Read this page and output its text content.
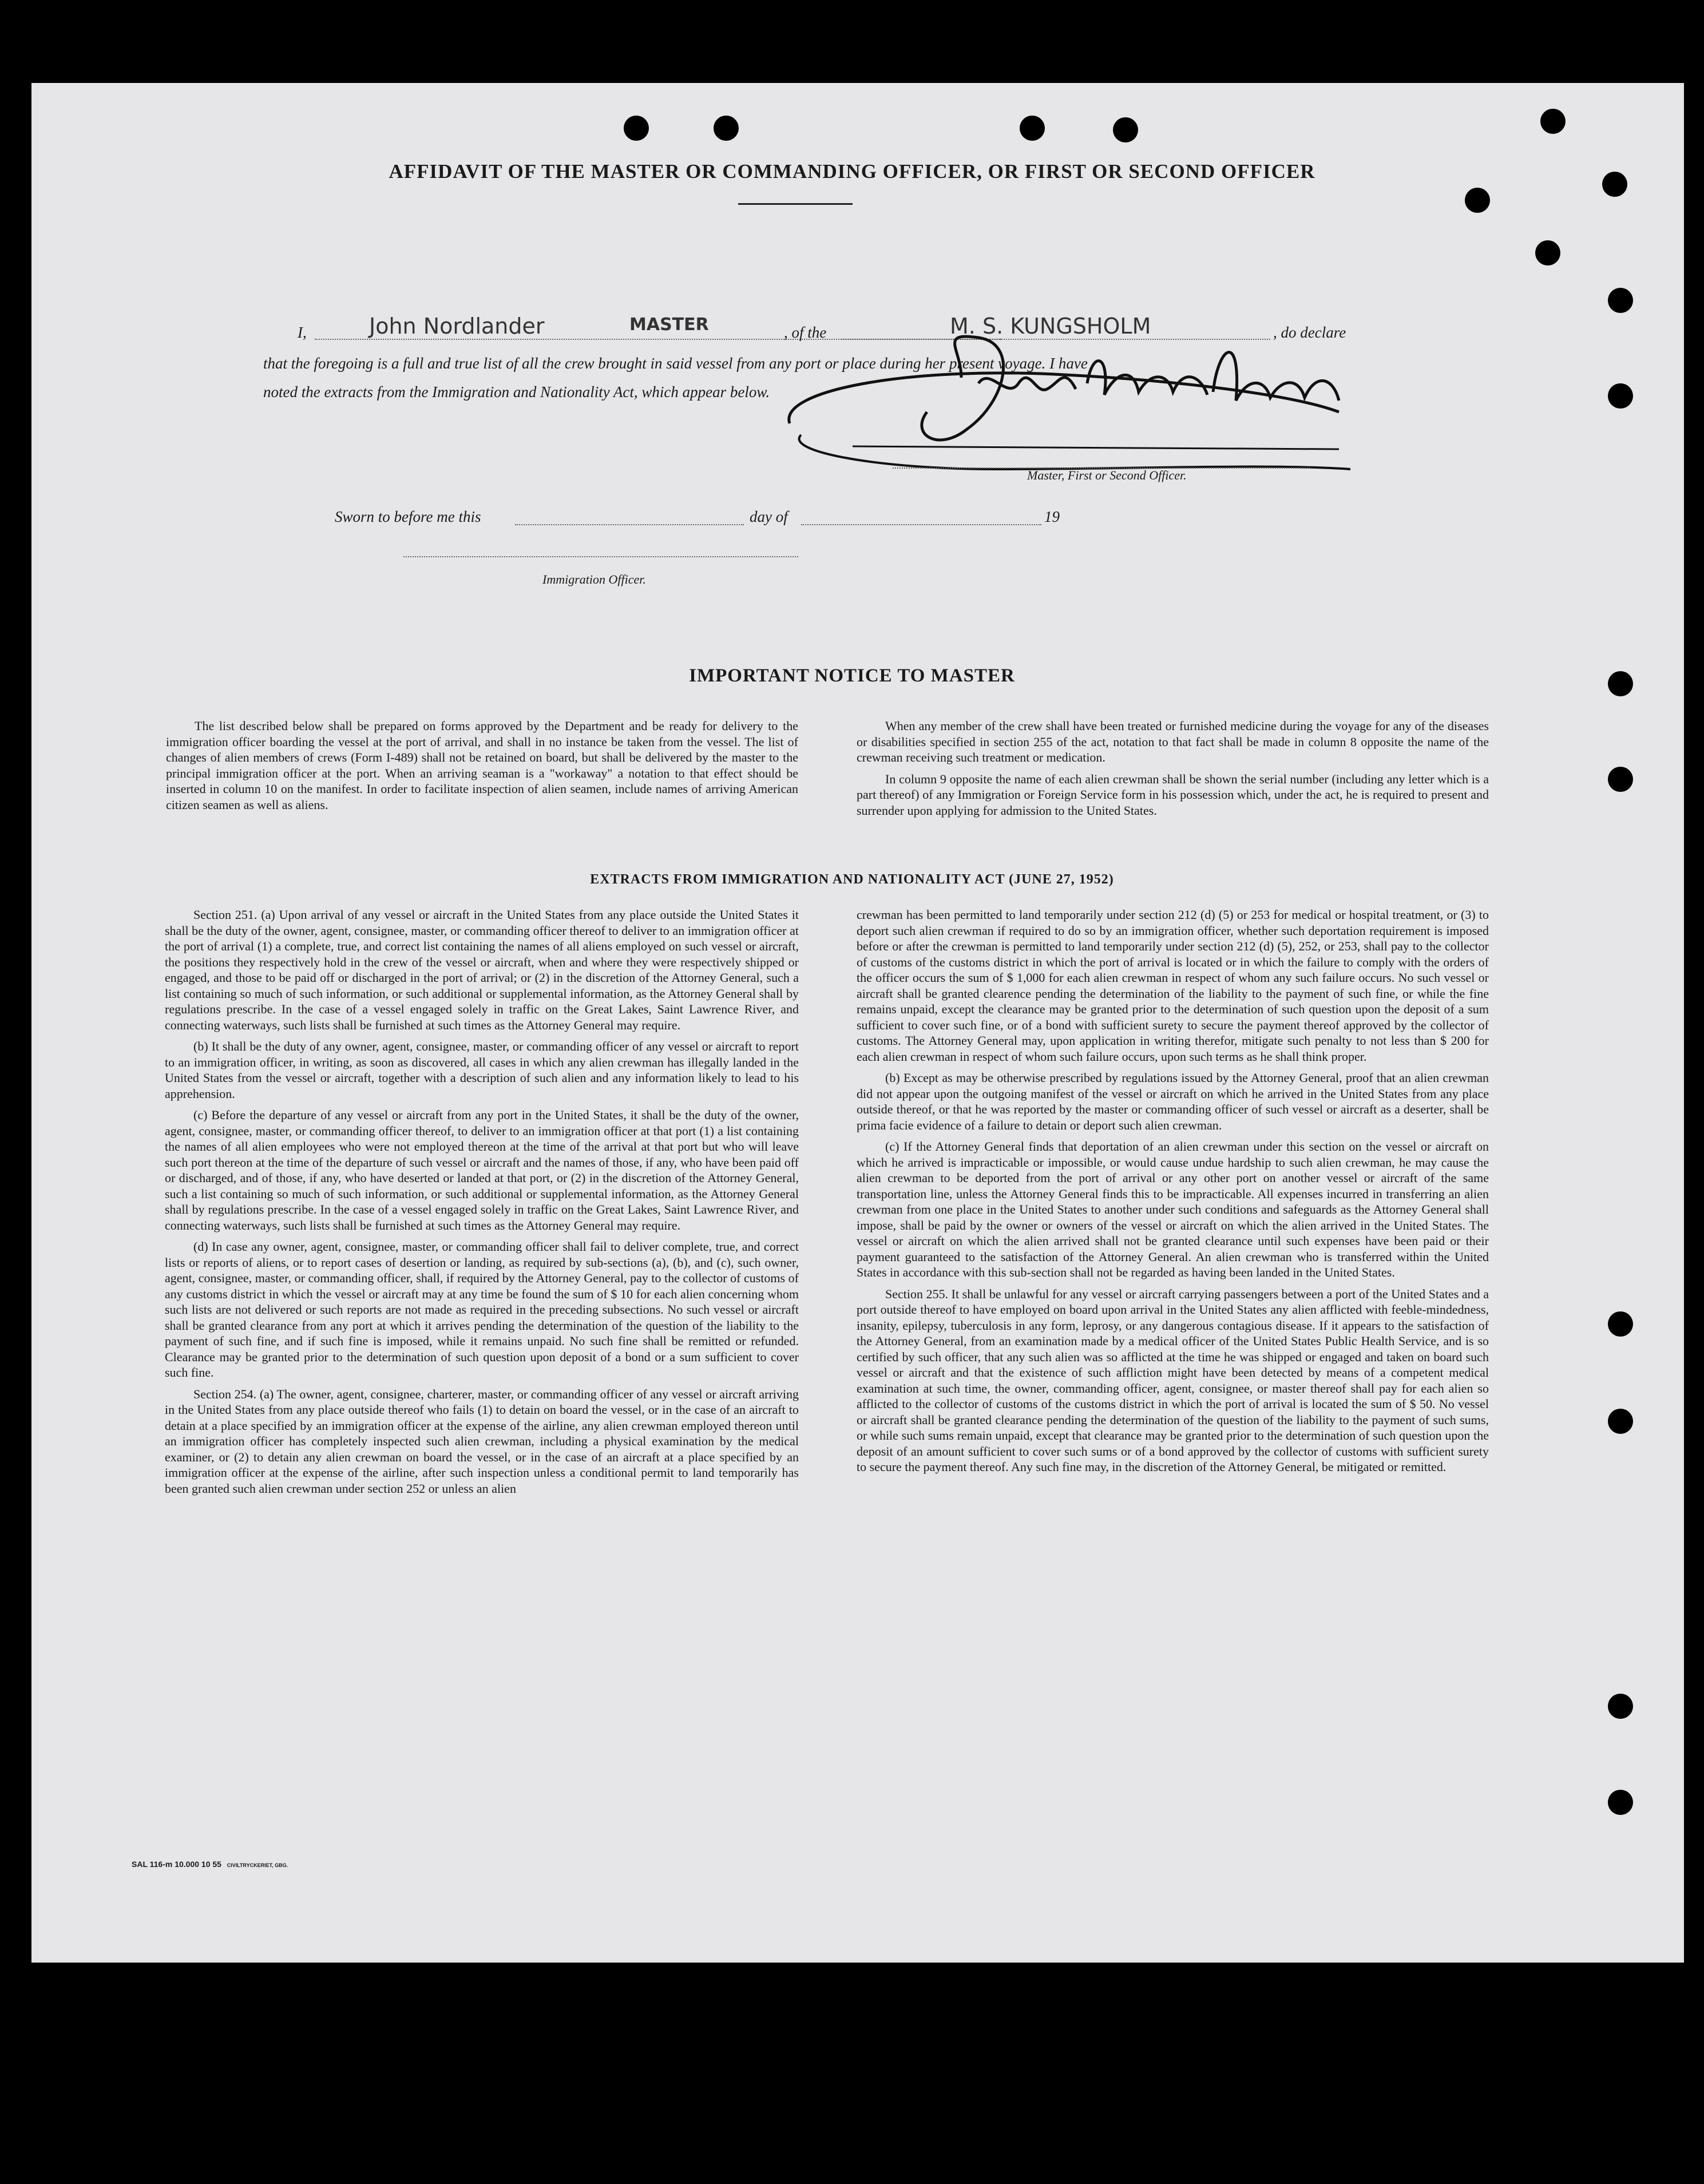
AFFIDAVIT OF THE MASTER OR COMMANDING OFFICER, OR FIRST OR SECOND OFFICER
I,	John Nordlander	MASTER	, of the	M. S. KUNGSHOLM	, do declare
that the foregoing is a full and true list of all the crew brought in said vessel from any port or place during her present voyage. I have
noted the extracts from the Immigration and Nationality Act, which appear below.
Master, First or Second Officer.
Sworn to before me this	day of	19
Immigration Officer.
IMPORTANT NOTICE TO MASTER

The list described below shall be prepared on forms approved by the Department and be ready for delivery to the immigration officer boarding the vessel at the port of arrival, and shall in no instance be taken from the vessel. The list of changes of alien members of crews (Form I-489) shall not be retained on board, but shall be delivered by the master to the principal immigration officer at the port. When an arriving seaman is a "workaway" a notation to that effect should be inserted in column 10 on the manifest. In order to facilitate inspection of alien seamen, include names of arriving American citizen seamen as well as aliens.

When any member of the crew shall have been treated or furnished medicine during the voyage for any of the diseases or disabilities specified in section 255 of the act, notation to that fact shall be made in column 8 opposite the name of the crewman receiving such treatment or medication.

In column 9 opposite the name of each alien crewman shall be shown the serial number (including any letter which is a part thereof) of any Immigration or Foreign Service form in his possession which, under the act, he is required to present and surrender upon applying for admission to the United States.

EXTRACTS FROM IMMIGRATION AND NATIONALITY ACT (JUNE 27, 1952)

Section 251. (a) Upon arrival of any vessel or aircraft in the United States from any place outside the United States it shall be the duty of the owner, agent, consignee, master, or commanding officer thereof to deliver to an immigration officer at the port of arrival (1) a complete, true, and correct list containing the names of all aliens employed on such vessel or aircraft, the positions they respectively hold in the crew of the vessel or aircraft, when and where they were respectively shipped or engaged, and those to be paid off or discharged in the port of arrival; or (2) in the discretion of the Attorney General, such a list containing so much of such information, or such additional or supplemental information, as the Attorney General shall by regulations prescribe. In the case of a vessel engaged solely in traffic on the Great Lakes, Saint Lawrence River, and connecting waterways, such lists shall be furnished at such times as the Attorney General may require.

(b) It shall be the duty of any owner, agent, consignee, master, or commanding officer of any vessel or aircraft to report to an immigration officer, in writing, as soon as discovered, all cases in which any alien crewman has illegally landed in the United States from the vessel or aircraft, together with a description of such alien and any information likely to lead to his apprehension.

(c) Before the departure of any vessel or aircraft from any port in the United States, it shall be the duty of the owner, agent, consignee, master, or commanding officer thereof, to deliver to an immigration officer at that port (1) a list containing the names of all alien employees who were not employed thereon at the time of the arrival at that port but who will leave such port thereon at the time of the departure of such vessel or aircraft and the names of those, if any, who have been paid off or discharged, and of those, if any, who have deserted or landed at that port, or (2) in the discretion of the Attorney General, such a list containing so much of such information, or such additional or supplemental information, as the Attorney General shall by regulations prescribe. In the case of a vessel engaged solely in traffic on the Great Lakes, Saint Lawrence River, and connecting waterways, such lists shall be furnished at such times as the Attorney General may require.

(d) In case any owner, agent, consignee, master, or commanding officer shall fail to deliver complete, true, and correct lists or reports of aliens, or to report cases of desertion or landing, as required by sub-sections (a), (b), and (c), such owner, agent, consignee, master, or commanding officer, shall, if required by the Attorney General, pay to the collector of customs of any customs district in which the vessel or aircraft may at any time be found the sum of $ 10 for each alien concerning whom such lists are not delivered or such reports are not made as required in the preceding subsections. No such vessel or aircraft shall be granted clearance from any port at which it arrives pending the determination of the question of the liability to the payment of such fine, and if such fine is imposed, while it remains unpaid. No such fine shall be remitted or refunded. Clearance may be granted prior to the determination of such question upon deposit of a bond or a sum sufficient to cover such fine.

Section 254. (a) The owner, agent, consignee, charterer, master, or commanding officer of any vessel or aircraft arriving in the United States from any place outside thereof who fails (1) to detain on board the vessel, or in the case of an aircraft to detain at a place specified by an immigration officer at the expense of the airline, any alien crewman employed thereon until an immigration officer has completely inspected such alien crewman, including a physical examination by the medical examiner, or (2) to detain any alien crewman on board the vessel, or in the case of an aircraft at a place specified by an immigration officer at the expense of the airline, after such inspection unless a conditional permit to land temporarily has been granted such alien crewman under section 252 or unless an alien

crewman has been permitted to land temporarily under section 212 (d) (5) or 253 for medical or hospital treatment, or (3) to deport such alien crewman if required to do so by an immigration officer, whether such deportation requirement is imposed before or after the crewman is permitted to land temporarily under section 212 (d) (5), 252, or 253, shall pay to the collector of customs of the customs district in which the port of arrival is located or in which the failure to comply with the orders of the officer occurs the sum of $ 1,000 for each alien crewman in respect of whom any such failure occurs. No such vessel or aircraft shall be granted clearence pending the determination of the liability to the payment of such fine, or while the fine remains unpaid, except the clearance may be granted prior to the determination of such question upon the deposit of a sum sufficient to cover such fine, or of a bond with sufficient surety to secure the payment thereof approved by the collector of customs. The Attorney General may, upon application in writing therefor, mitigate such penalty to not less than $ 200 for each alien crewman in respect of whom such failure occurs, upon such terms as he shall think proper.

(b) Except as may be otherwise prescribed by regulations issued by the Attorney General, proof that an alien crewman did not appear upon the outgoing manifest of the vessel or aircraft on which he arrived in the United States from any place outside thereof, or that he was reported by the master or commanding officer of such vessel or aircraft as a deserter, shall be prima facie evidence of a failure to detain or deport such alien crewman.

(c) If the Attorney General finds that deportation of an alien crewman under this section on the vessel or aircraft on which he arrived is impracticable or impossible, or would cause undue hardship to such alien crewman, he may cause the alien crewman to be deported from the port of arrival or any other port on another vessel or aircraft of the same transportation line, unless the Attorney General finds this to be impracticable. All expenses incurred in transferring an alien crewman from one place in the United States to another under such conditions and safeguards as the Attorney General shall impose, shall be paid by the owner or owners of the vessel or aircraft on which the alien arrived in the United States. The vessel or aircraft on which the alien arrived shall not be granted clearance until such expenses have been paid or their payment guaranteed to the satisfaction of the Attorney General. An alien crewman who is transferred within the United States in accordance with this sub-section shall not be regarded as having been landed in the United States.

Section 255. It shall be unlawful for any vessel or aircraft carrying passengers between a port of the United States and a port outside thereof to have employed on board upon arrival in the United States any alien afflicted with feeble-mindedness, insanity, epilepsy, tuberculosis in any form, leprosy, or any dangerous contagious disease. If it appears to the satisfaction of the Attorney General, from an examination made by a medical officer of the United States Public Health Service, and is so certified by such officer, that any such alien was so afflicted at the time he was shipped or engaged and taken on board such vessel or aircraft and that the existence of such affliction might have been detected by means of a competent medical examination at such time, the owner, commanding officer, agent, consignee, or master thereof shall pay for each alien so afflicted to the collector of customs of the customs district in which the port of arrival is located the sum of $ 50. No vessel or aircraft shall be granted clearance pending the determination of the question of the liability to the payment of such sums, or while such sums remain unpaid, except that clearance may be granted prior to the determination of such question upon the deposit of an amount sufficient to cover such sums or of a bond approved by the collector of customs with sufficient surety to secure the payment thereof. Any such fine may, in the discretion of the Attorney General, be mitigated or remitted.

SAL 116-m 10.000 10 55 CIVILTRYCKERIET, GBG.
